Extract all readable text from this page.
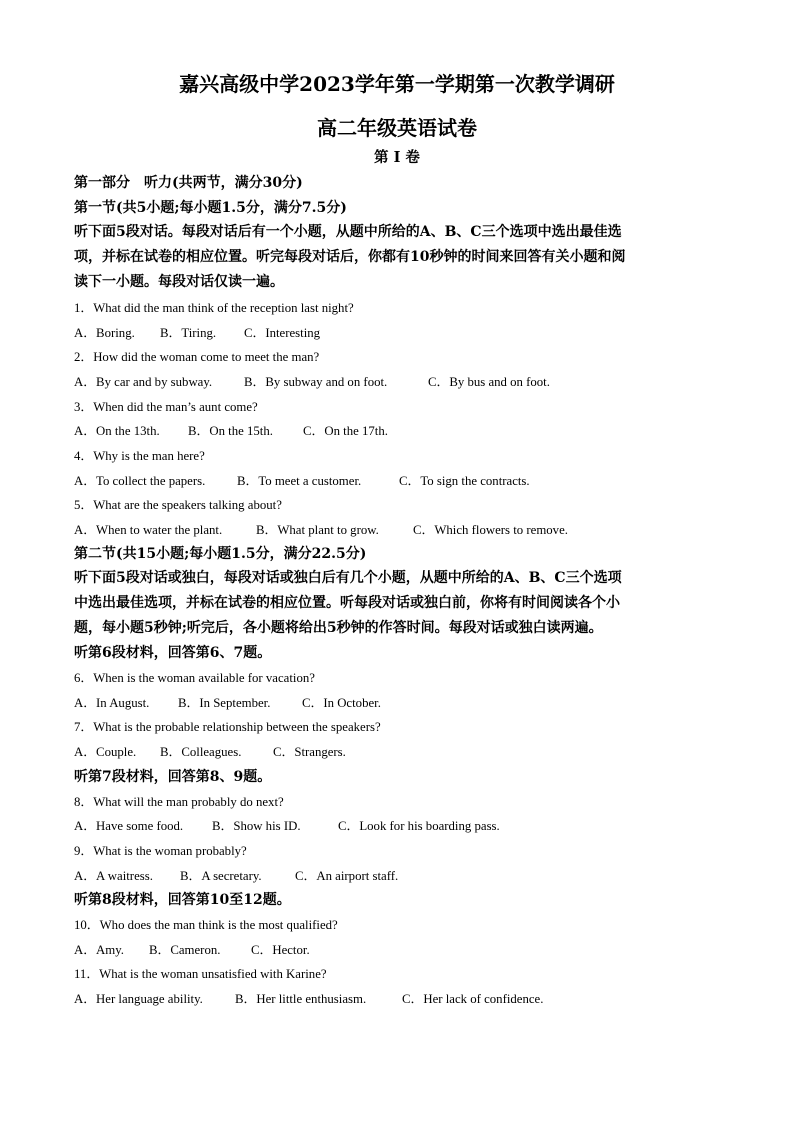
嘉兴高级中学2023学年第一学期第一次教学调研
高二年级英语试卷
第 I 卷

第一部分　听力(共两节，满分30分)

第一节(共5小题;每小题1.5分，满分7.5分)

听下面5段对话。每段对话后有一个小题，从题中所给的A、B、C三个选项中选出最佳选

项，并标在试卷的相应位置。听完每段对话后，你都有10秒钟的时间来回答有关小题和阅

读下一小题。每段对话仅读一遍。

1．What did the man think of the reception last night?

A．Boring. B．Tiring. C．Interesting

2．How did the woman come to meet the man?

A．By car and by subway. B．By subway and on foot.	C．By bus and on foot.

3．When did the man’s aunt come?

A．On the 13th. B．On the 15th. C．On the 17th.

4．Why is the man here?

A．To collect the papers. B．To meet a customer.	C．To sign the contracts.

5．What are the speakers talking about?

A．When to water the plant.	B．What plant to grow.	C．Which flowers to remove.

第二节(共15小题;每小题1.5分，满分22.5分)

听下面5段对话或独白，每段对话或独白后有几个小题，从题中所给的A、B、C三个选项

中选出最佳选项，并标在试卷的相应位置。听每段对话或独白前，你将有时间阅读各个小

题，每小题5秒钟;听完后，各小题将给出5秒钟的作答时间。每段对话或独白读两遍。

听第6段材料，回答第6、7题。

6．When is the woman available for vacation?

A．In August. B．In September. C．In October.

7．What is the probable relationship between the speakers?

A．Couple. B．Colleagues. C．Strangers.

听第7段材料，回答第8、9题。

8．What will the man probably do next?

A．Have some food. B．Show his ID.	C．Look for his boarding pass.

9．What is the woman probably?

A．A waitress. B．A secretary.	C．An airport staff.

听第8段材料，回答第10至12题。

10．Who does the man think is the most qualified?

A．Amy. B．Cameron. C．Hector.

11．What is the woman unsatisfied with Karine?

A．Her language ability.	B．Her little enthusiasm.	C．Her lack of confidence.
